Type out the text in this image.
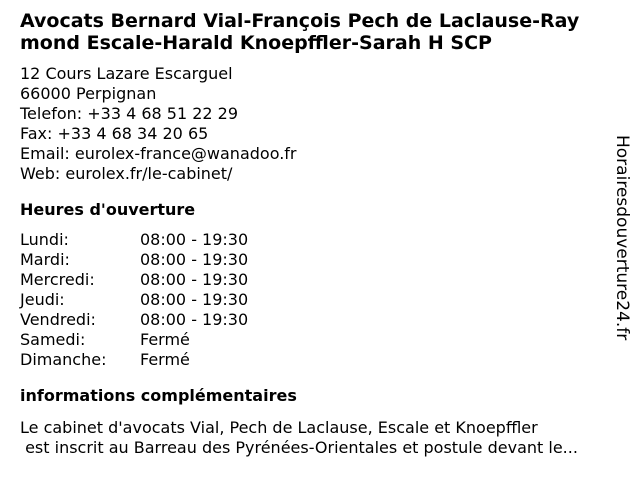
Avocats Bernard Vial-François Pech de Laclause-Ray
mond Escale-Harald Knoepffler-Sarah H SCP
12 Cours Lazare Escarguel
66000 Perpignan
Telefon: +33 4 68 51 22 29
Fax: +33 4 68 34 20 65
Email: eurolex-france@wanadoo.fr
Web: eurolex.fr/le-cabinet/
Heures d'ouverture
Lundi:	08:00 - 19:30
Mardi:	08:00 - 19:30
Mercredi:	08:00 - 19:30
Jeudi:	08:00 - 19:30
Vendredi:	08:00 - 19:30
Samedi:	Fermé
Dimanche:	Fermé
informations complémentaires
Le cabinet d'avocats Vial, Pech de Laclause, Escale et Knoepffler
est inscrit au Barreau des Pyrénées-Orientales et postule devant le...
Horairesdouverture24.fr
